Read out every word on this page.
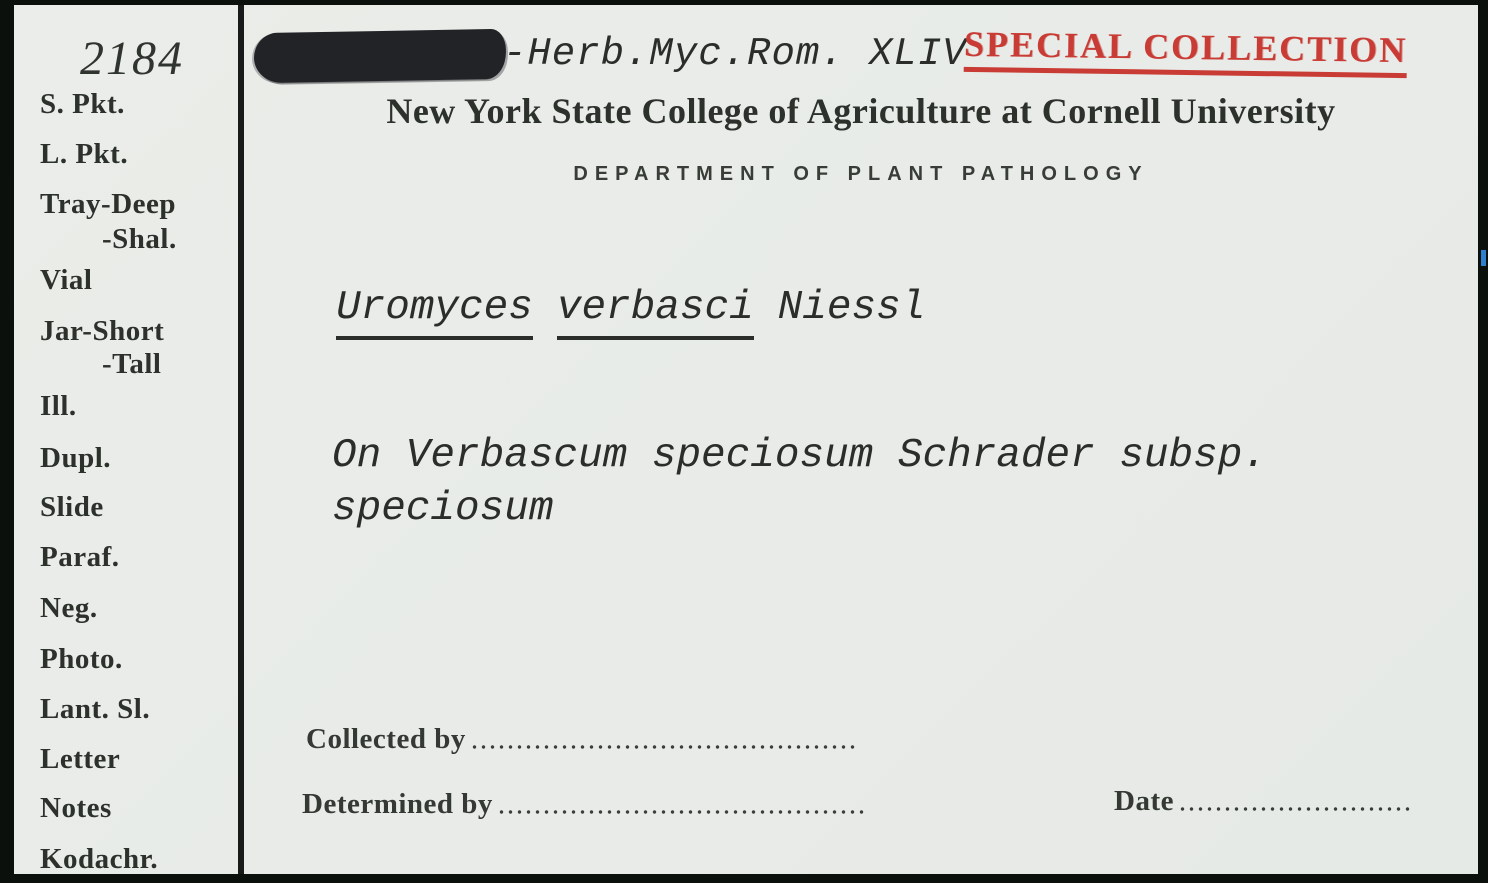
2184
S. Pkt.
L. Pkt.
Tray-Deep
-Shal.
Vial
Jar-Short
-Tall
Ill.
Dupl.
Slide
Paraf.
Neg.
Photo.
Lant. Sl.
Letter
Notes
Kodachr.
-Herb.Myc.Rom. XLIV
SPECIAL COLLECTION
New York State College of Agriculture at Cornell University
DEPARTMENT OF PLANT PATHOLOGY
Uromyces verbasci Niessl
On Verbascum speciosum Schrader subsp.
speciosum
Collected by
Determined by	Date
